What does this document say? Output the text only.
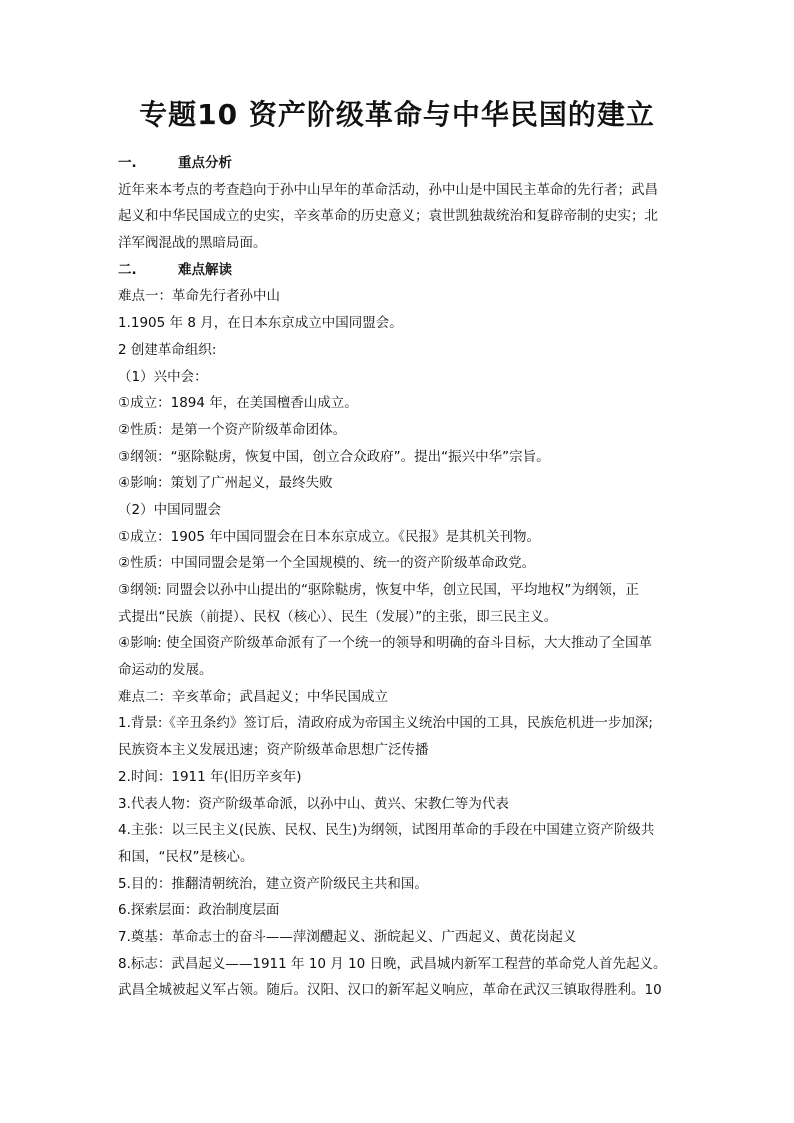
专题10 资产阶级革命与中华民国的建立
一.	重点分析
近年来本考点的考查趋向于孙中山早年的革命活动，孙中山是中国民主革命的先行者；武昌
起义和中华民国成立的史实，辛亥革命的历史意义；袁世凯独裁统治和复辟帝制的史实；北
洋军阀混战的黑暗局面。
二.	难点解读
难点一：革命先行者孙中山
1.1905 年 8 月，在日本东京成立中国同盟会。
2 创建革命组织:
（1）兴中会：
①成立：1894 年，在美国檀香山成立。
②性质：是第一个资产阶级革命团体。
③纲领：“驱除鞑虏，恢复中国，创立合众政府”。提出“振兴中华”宗旨。
④影响：策划了广州起义，最终失败
（2）中国同盟会
①成立：1905 年中国同盟会在日本东京成立。《民报》是其机关刊物。
②性质：中国同盟会是第一个全国规模的、统一的资产阶级革命政党。
③纲领: 同盟会以孙中山提出的“驱除鞑虏，恢复中华，创立民国，平均地权”为纲领，正
式提出“民族（前提）、民权（核心）、民生（发展）”的主张，即三民主义。
④影响: 使全国资产阶级革命派有了一个统一的领导和明确的奋斗目标，大大推动了全国革
命运动的发展。
难点二：辛亥革命；武昌起义；中华民国成立
1.背景:《辛丑条约》签订后，清政府成为帝国主义统治中国的工具，民族危机进一步加深;
民族资本主义发展迅速；资产阶级革命思想广泛传播
2.时间：1911 年(旧历辛亥年)
3.代表人物：资产阶级革命派，以孙中山、黄兴、宋教仁等为代表
4.主张：以三民主义(民族、民权、民生)为纲领，试图用革命的手段在中国建立资产阶级共
和国，“民权”是核心。
5.目的：推翻清朝统治，建立资产阶级民主共和国。
6.探索层面：政治制度层面
7.奠基：革命志士的奋斗——萍浏醴起义、浙皖起义、广西起义、黄花岗起义
8.标志：武昌起义——1911 年 10 月 10 日晚，武昌城内新军工程营的革命党人首先起义。
武昌全城被起义军占领。随后。汉阳、汉口的新军起义响应，革命在武汉三镇取得胜利。10
